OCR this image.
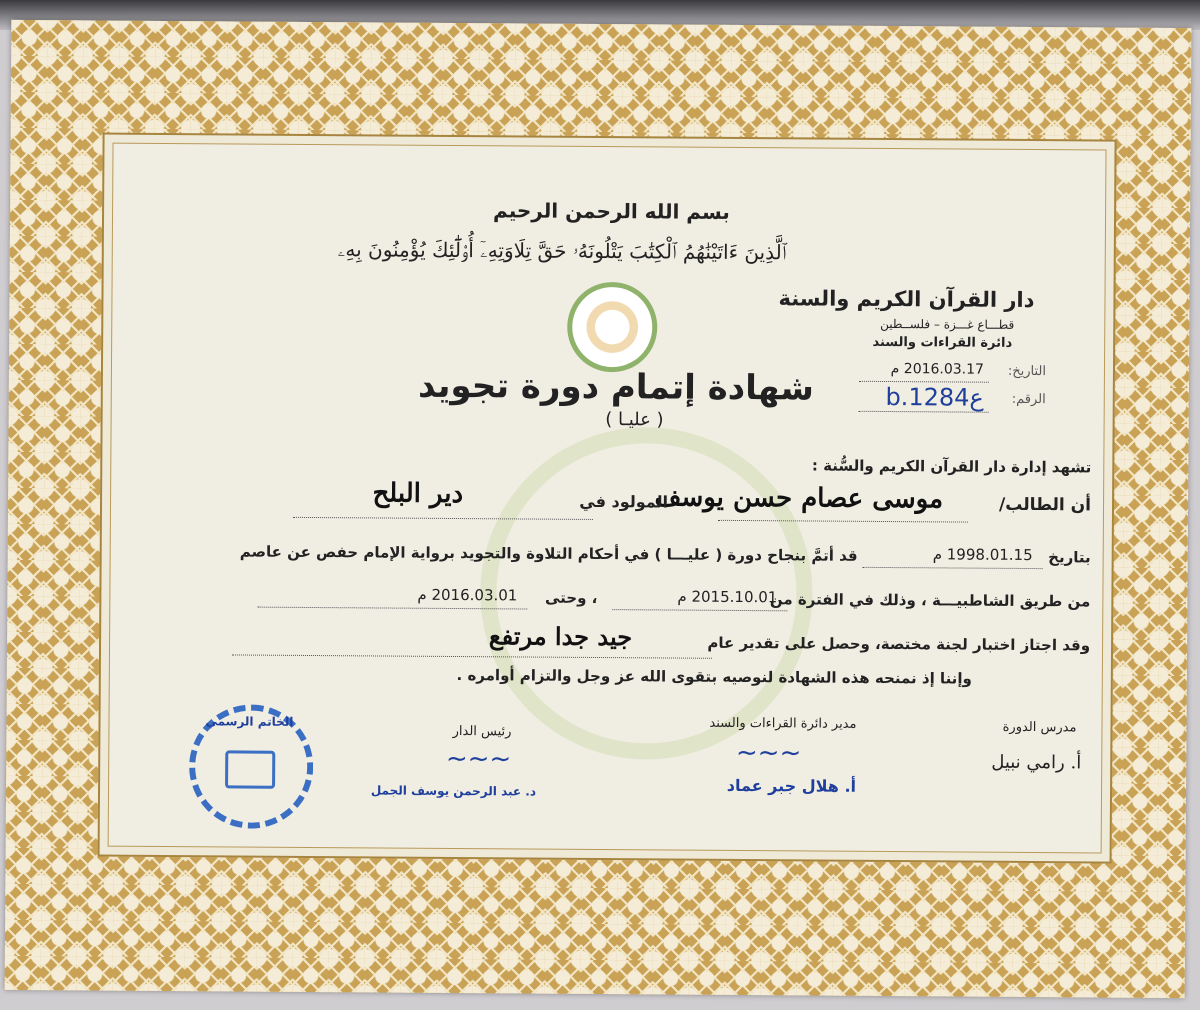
بسم الله الرحمن الرحيم
ٱلَّذِينَ ءَاتَيْنَٰهُمُ ٱلْكِتَٰبَ يَتْلُونَهُۥ حَقَّ تِلَاوَتِهِۦٓ أُو۟لَٰٓئِكَ يُؤْمِنُونَ بِهِۦ
دار القرآن الكريم والسنة
قطـــاع غـــزة – فلســطين
دائرة القراءات والسند
التاريخ:
2016.03.17 م
الرقم:
b.ع1284
شهادة إتمام دورة تجويد
( عليـا )
تشهد إدارة دار القرآن الكريم والسُّنة :
أن الطالب/
موسى عصام حسن يوسف
المولود في
دير البلح
بتاريخ
1998.01.15 م
قد أتمَّ بنجاح دورة ( عليـــا ) في أحكام التلاوة والتجويد برواية الإمام حفص عن عاصم
من طريق الشاطبيـــة ، وذلك في الفترة من
2015.10.01 م
، وحتى
2016.03.01 م
وقد اجتاز اختبار لجنة مختصة، وحصل على تقدير عام
جيد جدا مرتفع
وإننا إذ نمنحه هذه الشهادة لنوصيه بتقوى الله عز وجل والتزام أوامره .
مدرس الدورة
أ. رامي نبيل
مدير دائرة القراءات والسند
~~~
أ. هلال جبر عماد
رئيس الدار
~~~
د. عبد الرحمن يوسف الجمل
الخاتم الرسمي
